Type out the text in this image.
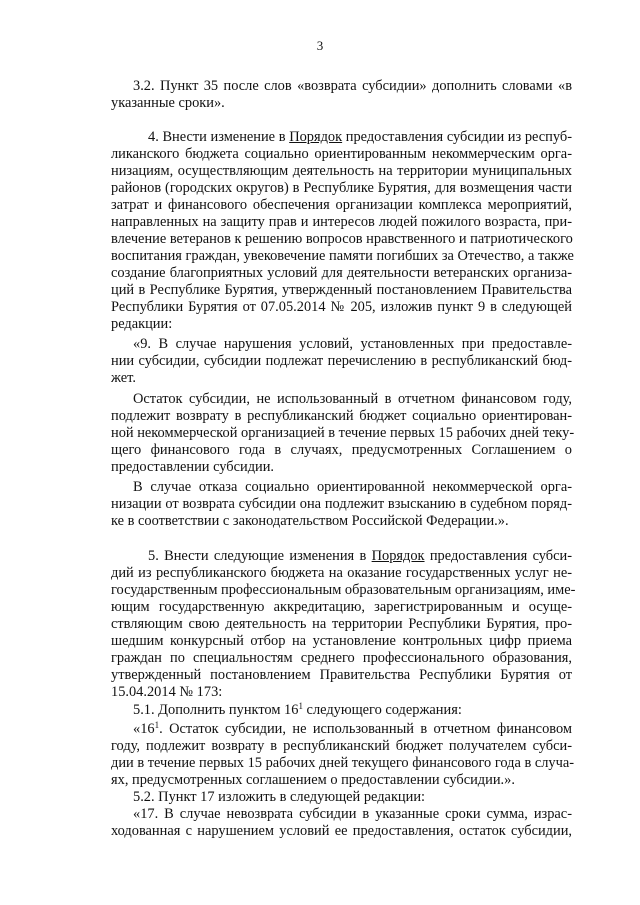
3
3.2. Пункт 35 после слов «возврата субсидии» дополнить словами «в
указанные сроки».
4. Внести изменение в Порядок предоставления субсидии из респуб-
ликанского бюджета социально ориентированным некоммерческим орга-
низациям, осуществляющим деятельность на территории муниципальных
районов (городских округов) в Республике Бурятия, для возмещения части
затрат и финансового обеспечения организации комплекса мероприятий,
направленных на защиту прав и интересов людей пожилого возраста, при-
влечение ветеранов к решению вопросов нравственного и патриотического
воспитания граждан, увековечение памяти погибших за Отечество, а также
создание благоприятных условий для деятельности ветеранских организа-
ций в Республике Бурятия, утвержденный постановлением Правительства
Республики Бурятия от 07.05.2014 № 205, изложив пункт 9 в следующей
редакции:
«9. В случае нарушения условий, установленных при предоставле-
нии субсидии, субсидии подлежат перечислению в республиканский бюд-
жет.
Остаток субсидии, не использованный в отчетном финансовом году,
подлежит возврату в республиканский бюджет социально ориентирован-
ной некоммерческой организацией в течение первых 15 рабочих дней теку-
щего финансового года в случаях, предусмотренных Соглашением о
предоставлении субсидии.
В случае отказа социально ориентированной некоммерческой орга-
низации от возврата субсидии она подлежит взысканию в судебном поряд-
ке в соответствии с законодательством Российской Федерации.».
5. Внести следующие изменения в Порядок предоставления субси-
дий из республиканского бюджета на оказание государственных услуг не-
государственным профессиональным образовательным организациям, име-
ющим государственную аккредитацию, зарегистрированным и осуще-
ствляющим свою деятельность на территории Республики Бурятия, про-
шедшим конкурсный отбор на установление контрольных цифр приема
граждан по специальностям среднего профессионального образования,
утвержденный постановлением Правительства Республики Бурятия от
15.04.2014 № 173:
5.1. Дополнить пунктом $16^1$ следующего содержания:
«$16^1$. Остаток субсидии, не использованный в отчетном финансовом
году, подлежит возврату в республиканский бюджет получателем субси-
дии в течение первых 15 рабочих дней текущего финансового года в случа-
ях, предусмотренных соглашением о предоставлении субсидии.».
5.2. Пункт 17 изложить в следующей редакции:
«17. В случае невозврата субсидии в указанные сроки сумма, израс-
ходованная с нарушением условий ее предоставления, остаток субсидии,
